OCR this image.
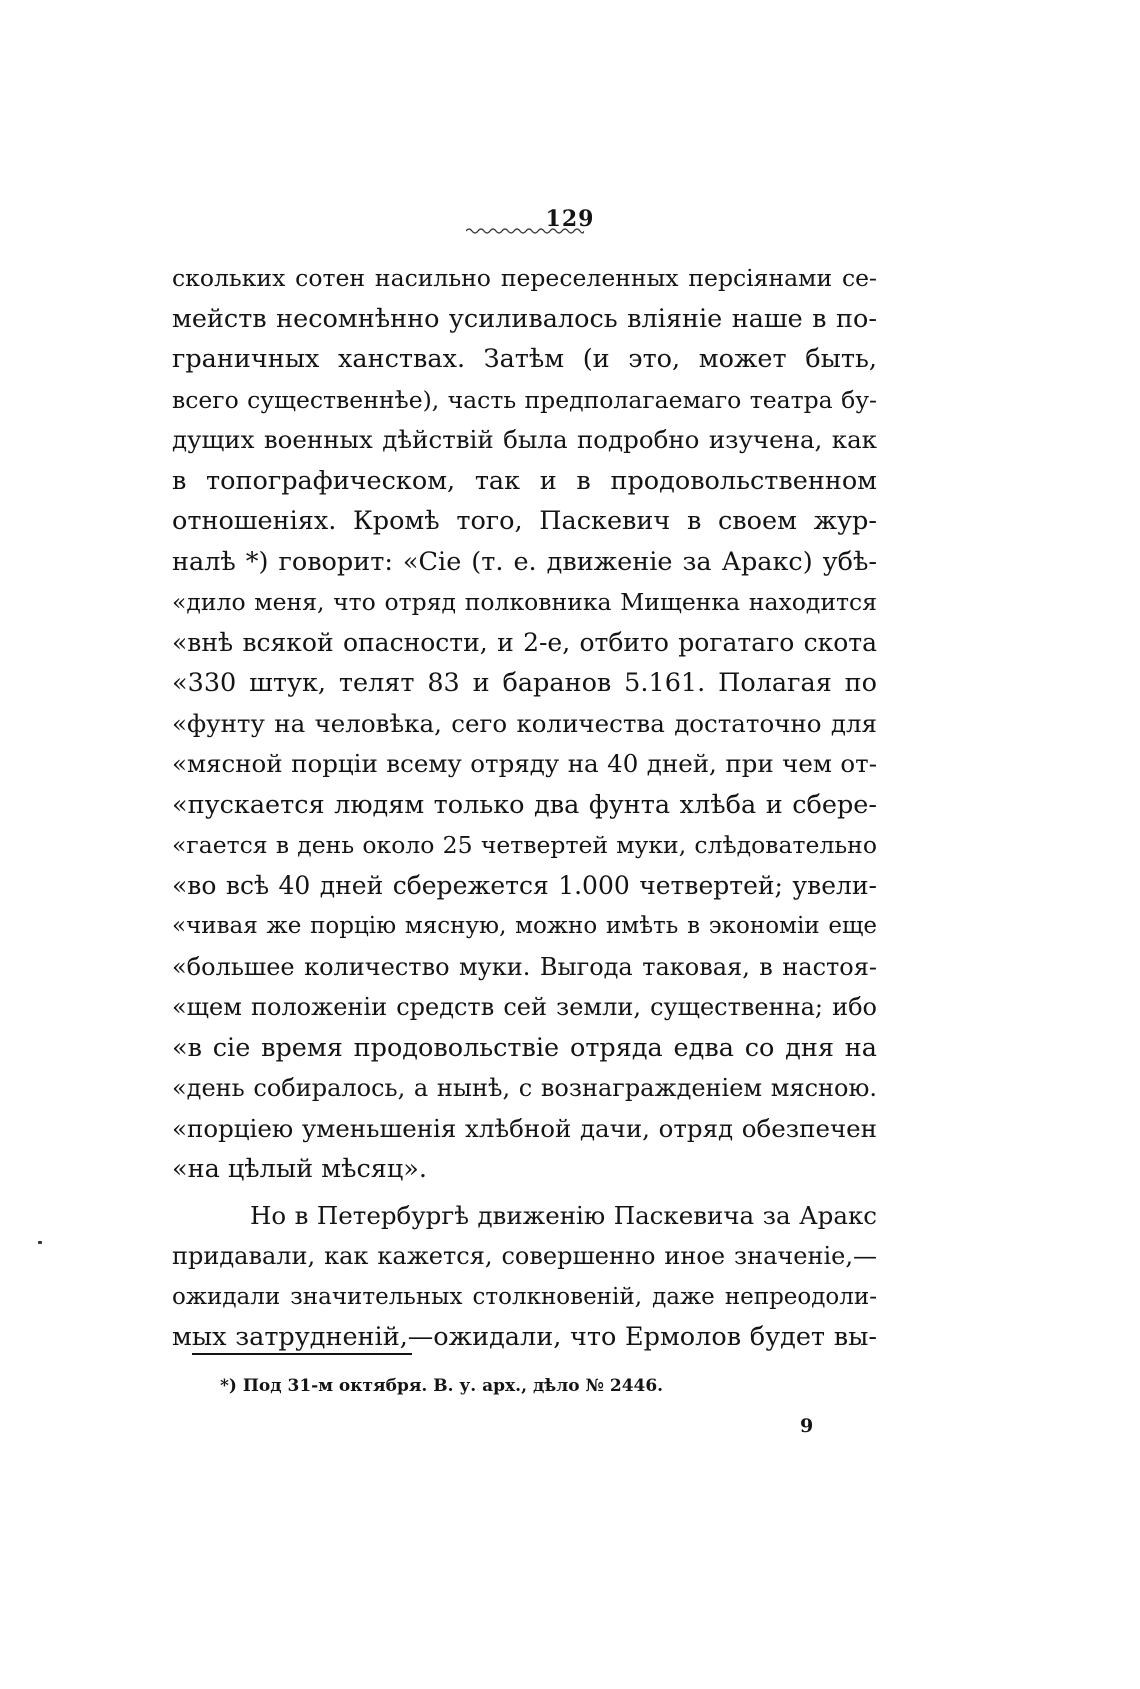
129
скольких сотен насильно переселенных персіянами се-
мейств несомнѣнно усиливалось вліяніе наше в по-
граничных ханствах. Затѣм (и это, может быть,
всего существеннѣе), часть предполагаемаго театра бу-
дущих военных дѣйствій была подробно изучена, как
в топографическом, так и в продовольственном
отношеніях. Кромѣ того, Паскевич в своем жур-
налѣ *) говорит: «Сіе (т. е. движеніе за Аракс) убѣ-
«дило меня, что отряд полковника Мищенка находится
«внѣ всякой опасности, и 2-е, отбито рогатаго скота
«330 штук, телят 83 и баранов 5.161. Полагая по
«фунту на человѣка, сего количества достаточно для
«мясной порціи всему отряду на 40 дней, при чем от-
«пускается людям только два фунта хлѣба и сбере-
«гается в день около 25 четвертей муки, слѣдовательно
«во всѣ 40 дней сбережется 1.000 четвертей; увели-
«чивая же порцію мясную, можно имѣть в экономіи еще
«большее количество муки. Выгода таковая, в настоя-
«щем положеніи средств сей земли, существенна; ибо
«в сіе время продовольствіе отряда едва со дня на
«день собиралось, а нынѣ, с вознагражденіем мясною.
«порціею уменьшенія хлѣбной дачи, отряд обезпечен
«на цѣлый мѣсяц».
Но в Петербургѣ движенію Паскевича за Аракс
придавали, как кажется, совершенно иное значеніе,—
ожидали значительных столкновеній, даже непреодоли-
мых затрудненій,—ожидали, что Ермолов будет вы-
*) Под 31-м октября. В. у. арх., дѣло № 2446.
9
